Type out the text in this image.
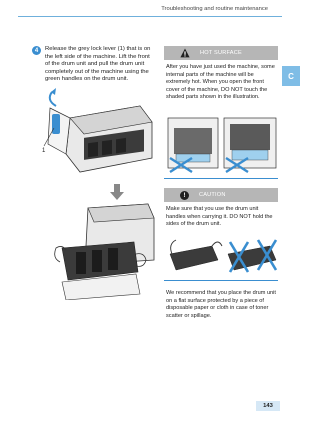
Troubleshooting and routine maintenance
C
4	Release the grey lock lever (1) that is on the left side of the machine. Lift the front of the drum unit and pull the drum unit completely out of the machine using the green handles on the drum unit.
1
HOT SURFACE
After you have just used the machine, some internal parts of the machine will be extremely hot. When you open the front cover of the machine, DO NOT touch the shaded parts shown in the illustration.
!	CAUTION
Make sure that you use the drum unit handles when carrying it. DO NOT hold the sides of the drum unit.
We recommend that you place the drum unit on a flat surface protected by a piece of disposable paper or cloth in case of toner scatter or spillage.
143
